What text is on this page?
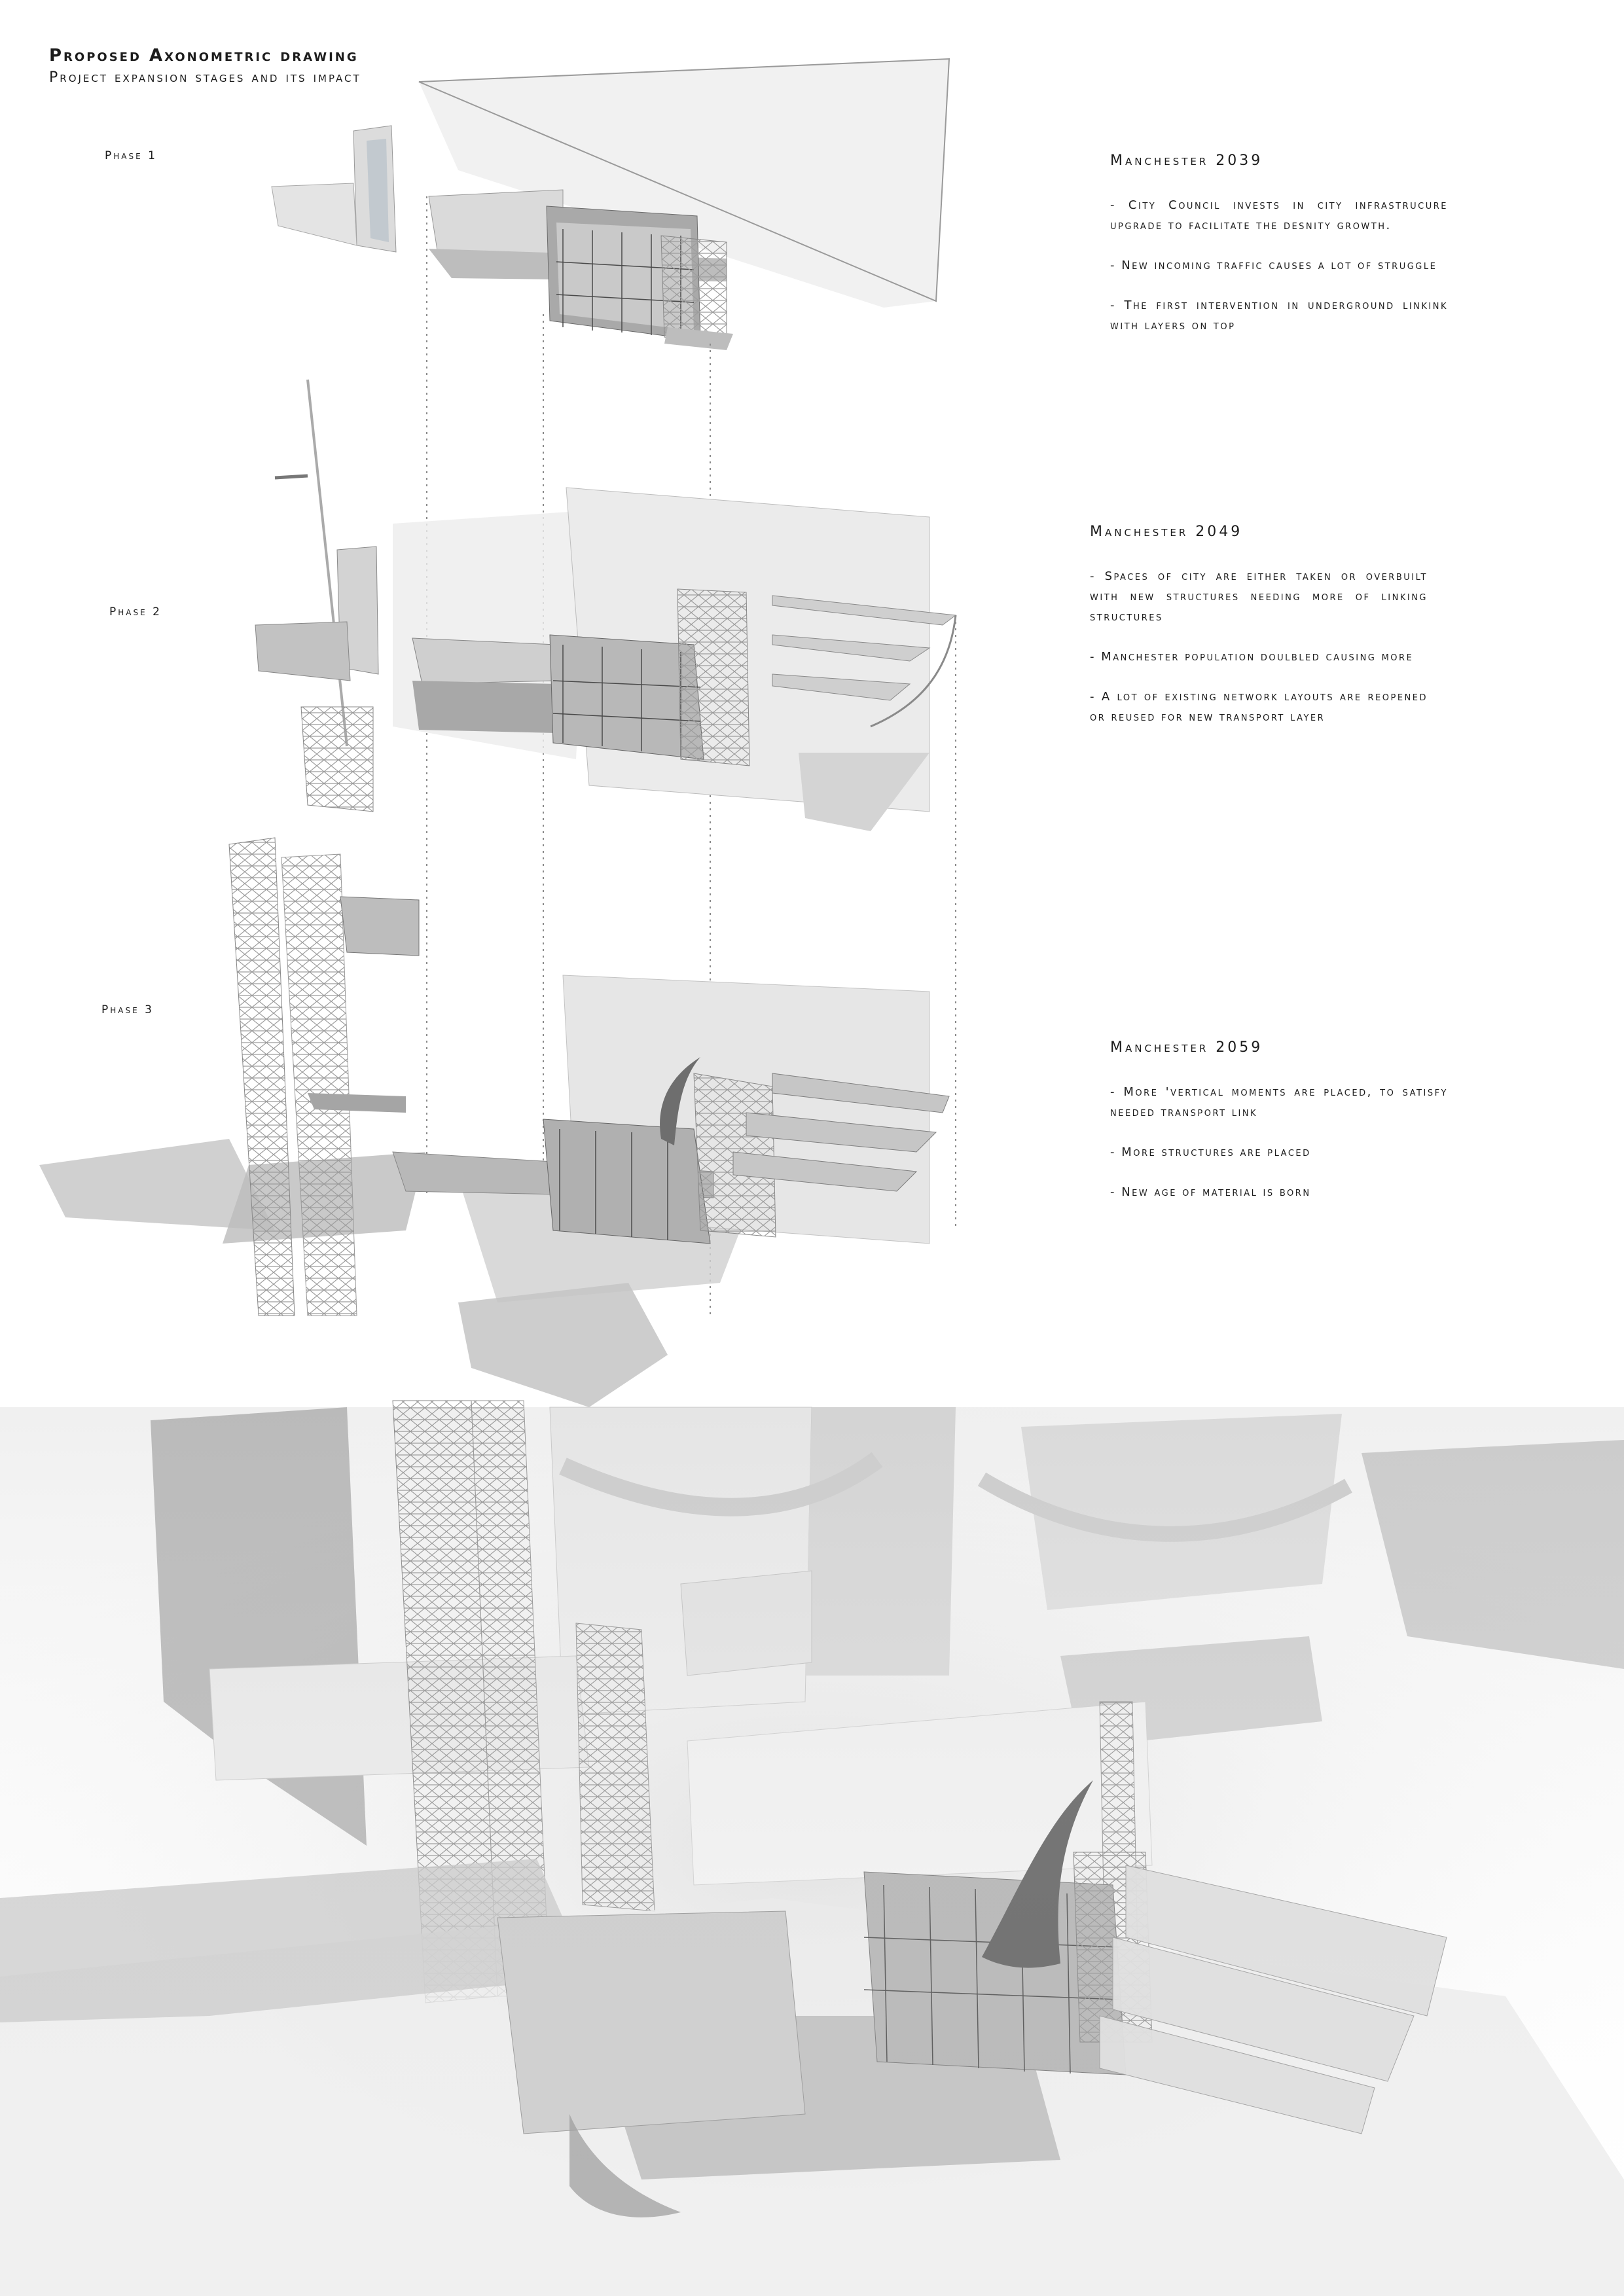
Proposed Axonometric drawing
Project expansion stages and its impact
Phase 1
Phase 2
Phase 3
Manchester 2039

- City Council invests in city infrastrucure upgrade to facilitate the desnity growth.

- New incoming traffic causes a lot of struggle

- The first intervention in underground linkink with layers on top

Manchester 2049

- Spaces of city are either taken or overbuilt with new structures needing more of linking structures

- Manchester population doulbled causing more

- A lot of existing network layouts are reopened or reused for new transport layer

Manchester 2059

- More 'vertical moments are placed, to satisfy needed transport link

- More structures are placed

- New age of material is born
